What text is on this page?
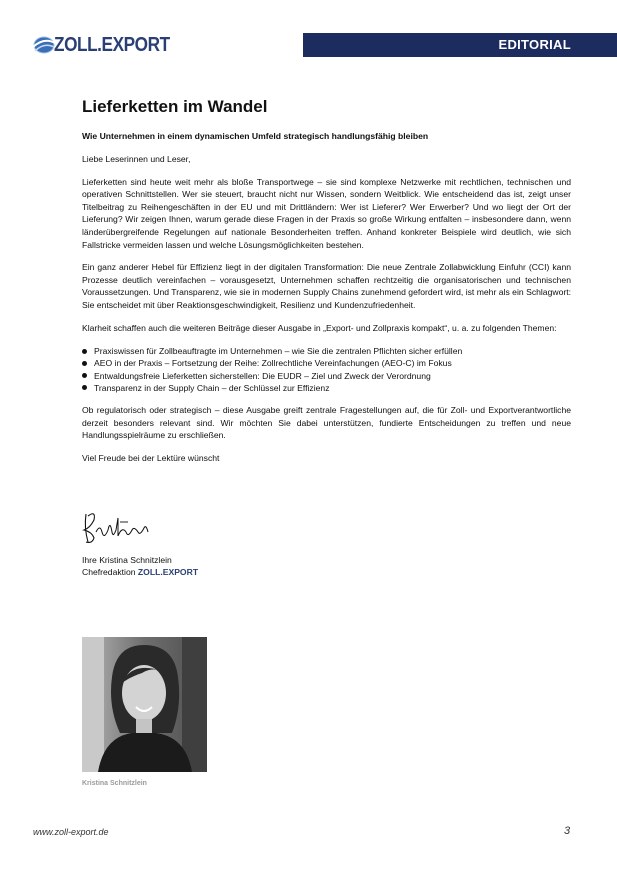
ZOLL.EXPORT	EDITORIAL
Lieferketten im Wandel
Wie Unternehmen in einem dynamischen Umfeld strategisch handlungsfähig bleiben

Liebe Leserinnen und Leser,

Lieferketten sind heute weit mehr als bloße Transportwege – sie sind komplexe Netzwerke mit rechtlichen, technischen und operativen Schnittstellen. Wer sie steuert, braucht nicht nur Wissen, sondern Weitblick. Wie entscheidend das ist, zeigt unser Titelbeitrag zu Reihengeschäften in der EU und mit Drittländern: Wer ist Lieferer? Wer Erwerber? Und wo liegt der Ort der Lieferung? Wir zeigen Ihnen, warum gerade diese Fragen in der Praxis so große Wirkung entfalten – insbesondere dann, wenn länderübergreifende Regelungen auf nationale Besonderheiten treffen. Anhand konkreter Beispiele wird deutlich, wie sich Fallstricke vermeiden lassen und welche Lösungsmöglichkeiten bestehen.

Ein ganz anderer Hebel für Effizienz liegt in der digitalen Transformation: Die neue Zentrale Zollabwicklung Einfuhr (CCI) kann Prozesse deutlich vereinfachen – vorausgesetzt, Unternehmen schaffen rechtzeitig die organisatorischen und technischen Voraussetzungen. Und Transparenz, wie sie in modernen Supply Chains zunehmend gefordert wird, ist mehr als ein Schlagwort: Sie entscheidet mit über Reaktionsgeschwindigkeit, Resilienz und Kundenzufriedenheit.

Klarheit schaffen auch die weiteren Beiträge dieser Ausgabe in „Export- und Zollpraxis kompakt“, u. a. zu folgenden Themen:

Praxiswissen für Zollbeauftragte im Unternehmen – wie Sie die zentralen Pflichten sicher erfüllen
AEO in der Praxis – Fortsetzung der Reihe: Zollrechtliche Vereinfachungen (AEO-C) im Fokus
Entwaldungsfreie Lieferketten sicherstellen: Die EUDR – Ziel und Zweck der Verordnung
Transparenz in der Supply Chain – der Schlüssel zur Effizienz

Ob regulatorisch oder strategisch – diese Ausgabe greift zentrale Fragestellungen auf, die für Zoll- und Exportverantwortliche derzeit besonders relevant sind. Wir möchten Sie dabei unterstützen, fundierte Entscheidungen zu treffen und neue Handlungsspielräume zu erschließen.

Viel Freude bei der Lektüre wünscht

Ihre Kristina Schnitzlein
Chefredaktion ZOLL.EXPORT
Kristina Schnitzlein
www.zoll-export.de	3
